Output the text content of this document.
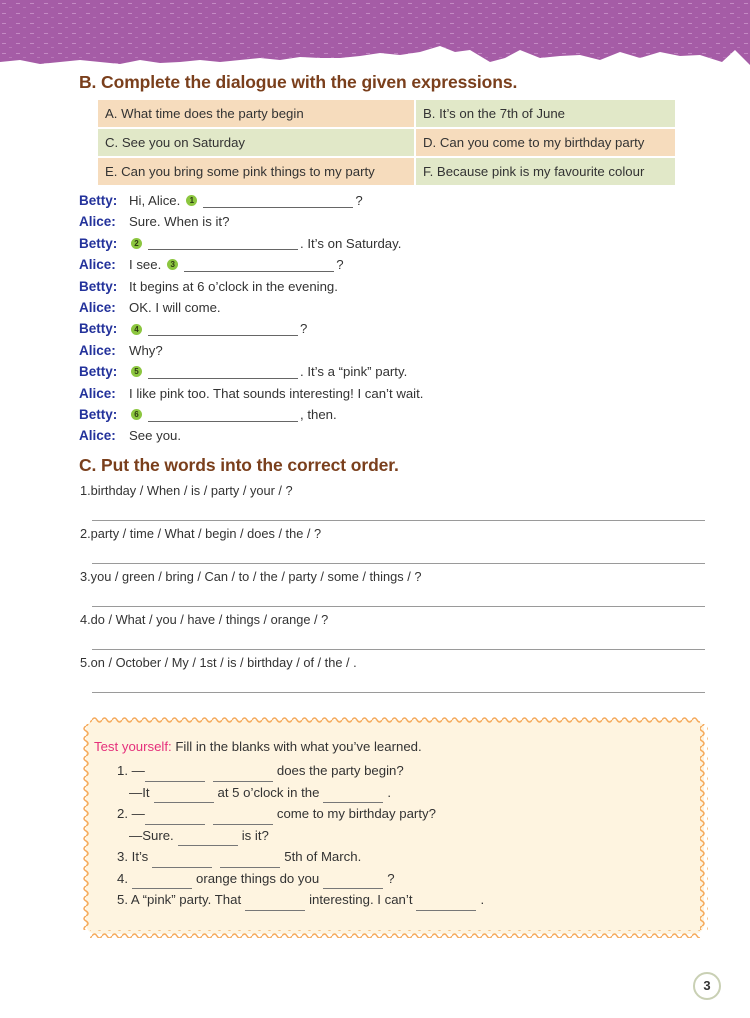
B. Complete the dialogue with the given expressions.
A. What time does the party begin	B. It’s on the 7th of June
C. See you on Saturday	D. Can you come to my birthday party
E. Can you bring some pink things to my party	F. Because pink is my favourite colour
Betty: Hi, Alice.	1	?
Alice:	Sure. When is it?
Betty:	2	. It’s on Saturday.
Alice:	I see.	3	?
Betty: It begins at 6 o’clock in the evening.
Alice:	OK. I will come.
Betty:	4	?
Alice:	Why?
Betty:	5	. It’s a “pink” party.
Alice:	I like pink too. That sounds interesting! I can’t wait.
Betty:	6	, then.
Alice:	See you.
C. Put the words into the correct order.
1.birthday / When / is / party / your / ?
2.party / time / What / begin / does / the / ?
3.you / green / bring / Can / to / the / party / some / things / ?
4.do / What / you / have / things / orange / ?
5.on / October / My / 1st / is / birthday / of / the / .
Test yourself: Fill in the blanks with what you’ve learned.
1. —	does the party begin?
—It	at 5 o’clock in the	.
2. —	come to my birthday party?
—Sure.	is it?
3. It’s	5th of March.
4.	orange things do you	?
5. A “pink” party. That	interesting. I can’t	.
3
